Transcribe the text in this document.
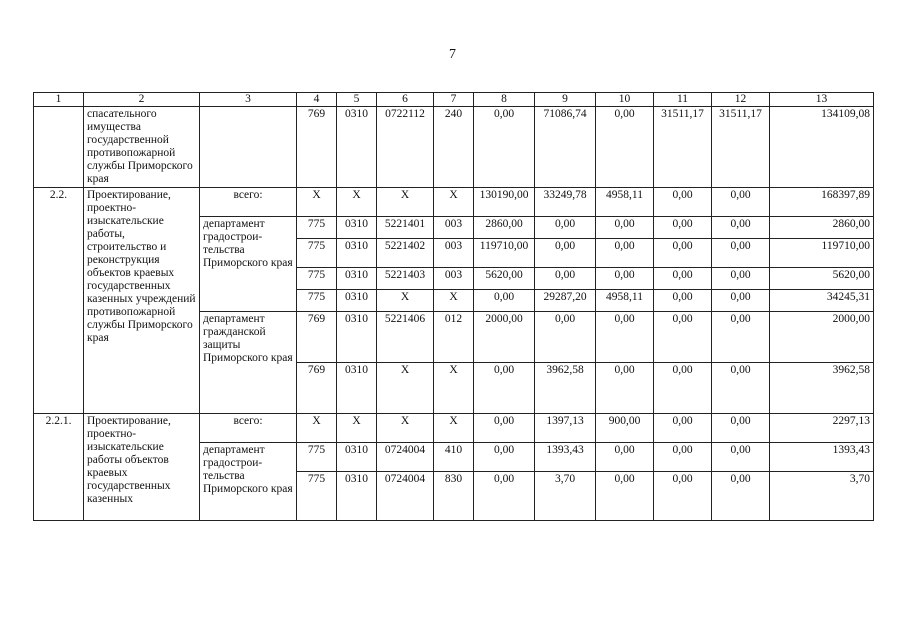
7
1	2	3	4	5	6	7	8	9	10	11	12	13
	спасательного имущества государственной противопожарной службы Приморского края		769	0310	0722112	240	0,00	71086,74	0,00	31511,17	31511,17	134109,08
2.2.	Проектирование, проектно-изыскательские работы, строительство и реконструкция объектов краевых государственных казенных учреждений противопожарной службы Приморского края	всего:	Х	Х	Х	Х	130190,00	33249,78	4958,11	0,00	0,00	168397,89
		департамент градострои-тельства Приморского края	775	0310	5221401	003	2860,00	0,00	0,00	0,00	0,00	2860,00
			775	0310	5221402	003	119710,00	0,00	0,00	0,00	0,00	119710,00
			775	0310	5221403	003	5620,00	0,00	0,00	0,00	0,00	5620,00
			775	0310	Х	Х	0,00	29287,20	4958,11	0,00	0,00	34245,31
		департамент гражданской защиты Приморского края	769	0310	5221406	012	2000,00	0,00	0,00	0,00	0,00	2000,00
			769	0310	Х	Х	0,00	3962,58	0,00	0,00	0,00	3962,58
2.2.1.	Проектирование, проектно-изыскательские работы объектов краевых государственных казенных	всего:	Х	Х	Х	Х	0,00	1397,13	900,00	0,00	0,00	2297,13
		департамент градострои-тельства Приморского края	775	0310	0724004	410	0,00	1393,43	0,00	0,00	0,00	1393,43
			775	0310	0724004	830	0,00	3,70	0,00	0,00	0,00	3,70
